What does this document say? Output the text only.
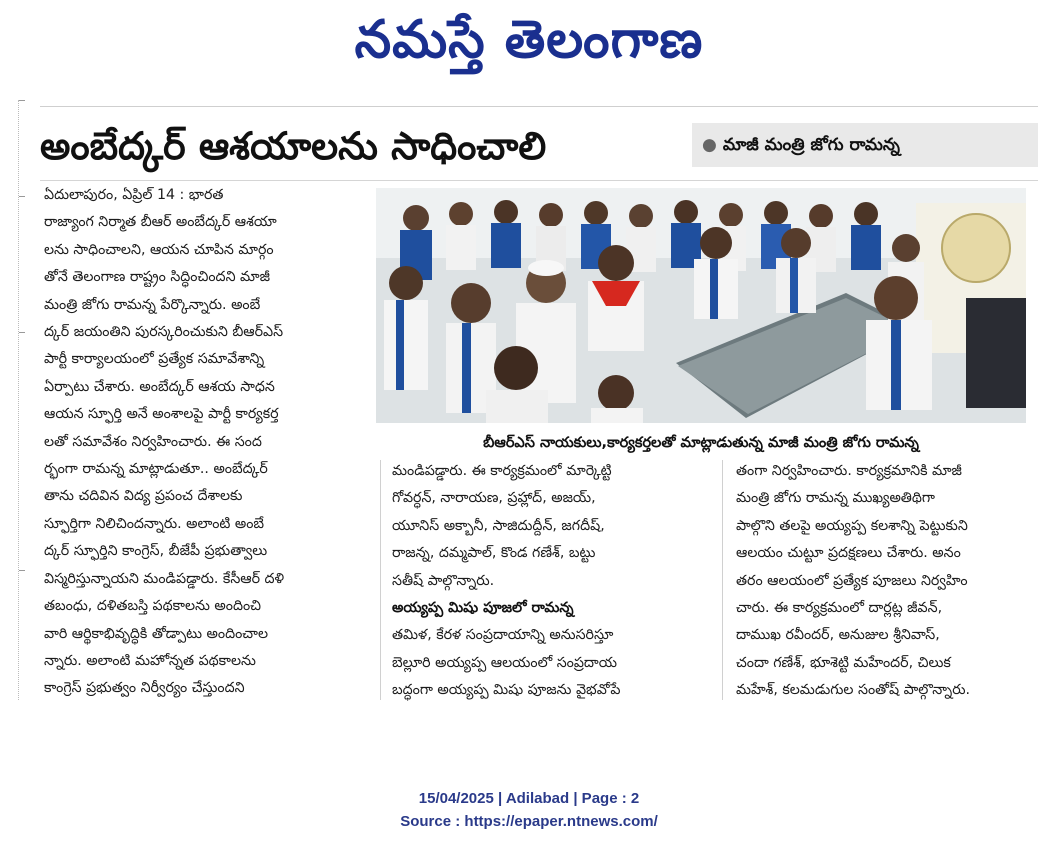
నమస్తే తెలంగాణ
అంబేద్కర్ ఆశయాలను సాధించాలి	● మాజీ మంత్రి జోగు రామన్న
ఏదులాపురం, ఏప్రిల్ 14 : భారత
రాజ్యాంగ నిర్మాత బీఆర్ అంబేద్కర్ ఆశయా
లను సాధించాలని, ఆయన చూపిన మార్గం
తోనే తెలంగాణ రాష్ట్రం సిద్ధించిందని మాజీ
మంత్రి జోగు రామన్న పేర్కొన్నారు. అంబే
ద్కర్ జయంతిని పురస్కరించుకుని బీఆర్ఎస్
పార్టీ కార్యాలయంలో ప్రత్యేక సమావేశాన్ని
ఏర్పాటు చేశారు. అంబేద్కర్ ఆశయ సాధన
ఆయన స్ఫూర్తి అనే అంశాలపై పార్టీ కార్యకర్త
లతో సమావేశం నిర్వహించారు. ఈ సంద
ర్భంగా రామన్న మాట్లాడుతూ.. అంబేద్కర్
తాను చదివిన విద్య ప్రపంచ దేశాలకు
స్ఫూర్తిగా నిలిచిందన్నారు. అలాంటి అంబే
ద్కర్ స్ఫూర్తిని కాంగ్రెస్, బీజేపీ ప్రభుత్వాలు
విస్మరిస్తున్నాయని మండిపడ్డారు. కేసీఆర్ దళి
తబంధు, దళితబస్తి పథకాలను అందించి
వారి ఆర్థికాభివృద్ధికి తోడ్పాటు అందించాల
న్నారు. అలాంటి మహోన్నత పథకాలను
కాంగ్రెస్ ప్రభుత్వం నిర్వీర్యం చేస్తుందని
బీఆర్ఎస్ నాయకులు,కార్యకర్తలతో మాట్లాడుతున్న మాజీ మంత్రి జోగు రామన్న
మండిపడ్డారు. ఈ కార్యక్రమంలో మార్కెట్టి
గోవర్ధన్, నారాయణ, ప్రహ్లాద్, అజయ్,
యూనిస్ అక్బానీ, సాజిదుద్దీన్, జగదీష్,
రాజన్న, దమ్మపాల్, కొండ గణేశ్, బట్టు
సతీష్ పాల్గొన్నారు.
అయ్యప్ప మిషు పూజలో రామన్న
తమిళ, కేరళ సంప్రదాయాన్ని అనుసరిస్తూ
బెల్లూరి అయ్యప్ప ఆలయంలో సంప్రదాయ
బద్ధంగా అయ్యప్ప మిషు పూజను వైభవోపే
తంగా నిర్వహించారు. కార్యక్రమానికి మాజీ
మంత్రి జోగు రామన్న ముఖ్యఅతిథిగా
పాల్గొని తలపై అయ్యప్ప కలశాన్ని పెట్టుకుని
ఆలయం చుట్టూ ప్రదక్షణలు చేశారు. అనం
తరం ఆలయంలో ప్రత్యేక పూజలు నిర్వహిం
చారు. ఈ కార్యక్రమంలో దార్లట్ల జీవన్,
దాముఖ రవీందర్, అనుజుల శ్రీనివాస్,
చందా గణేశ్, భూశెట్టి మహేందర్, చిలుక
మహేశ్, కలమడుగుల సంతోష్ పాల్గొన్నారు.
15/04/2025 | Adilabad | Page : 2
Source : https://epaper.ntnews.com/
